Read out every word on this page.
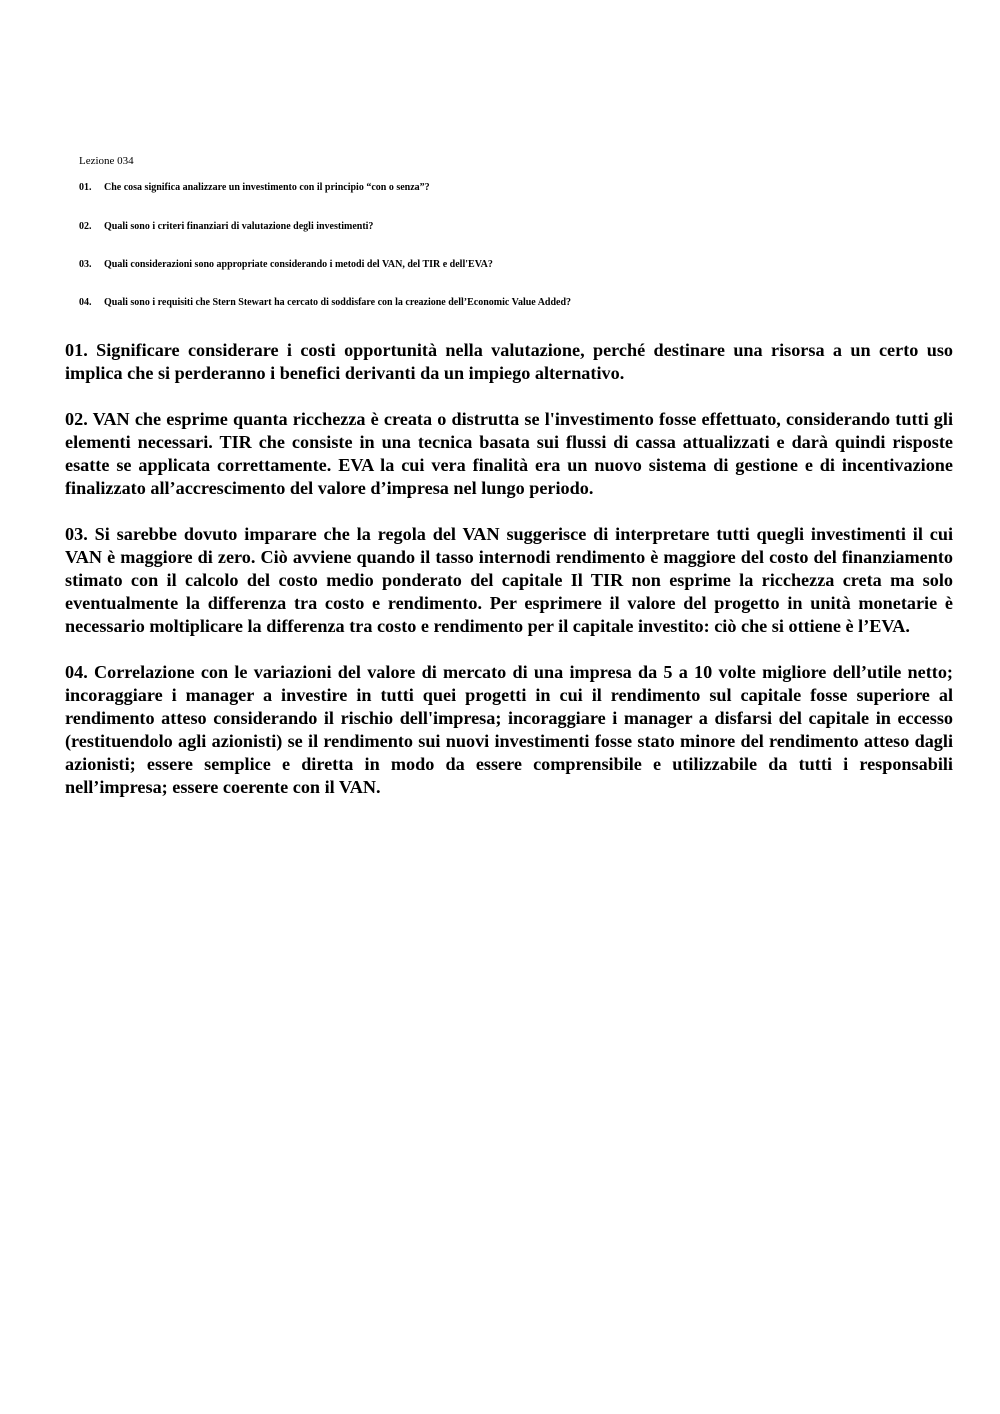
Lezione 034
01. Che cosa significa analizzare un investimento con il principio “con o senza”?
02. Quali sono i criteri finanziari di valutazione degli investimenti?
03. Quali considerazioni sono appropriate considerando i metodi del VAN, del TIR e dell'EVA?
04. Quali sono i requisiti che Stern Stewart ha cercato di soddisfare con la creazione dell’Economic Value Added?

01. Significare considerare i costi opportunità nella valutazione, perché destinare una risorsa a un certo uso implica che si perderanno i benefici derivanti da un impiego alternativo.

02. VAN che esprime quanta ricchezza è creata o distrutta se l'investimento fosse effettuato, considerando tutti gli elementi necessari. TIR che consiste in una tecnica basata sui flussi di cassa attualizzati e darà quindi risposte esatte se applicata correttamente. EVA la cui vera finalità era un nuovo sistema di gestione e di incentivazione finalizzato all’accrescimento del valore d’impresa nel lungo periodo.

03. Si sarebbe dovuto imparare che la regola del VAN suggerisce di interpretare tutti quegli investimenti il cui VAN è maggiore di zero. Ciò avviene quando il tasso internodi rendimento è maggiore del costo del finanziamento stimato con il calcolo del costo medio ponderato del capitale Il TIR non esprime la ricchezza creta ma solo eventualmente la differenza tra costo e rendimento. Per esprimere il valore del progetto in unità monetarie è necessario moltiplicare la differenza tra costo e rendimento per il capitale investito: ciò che si ottiene è l’EVA.

04. Correlazione con le variazioni del valore di mercato di una impresa da 5 a 10 volte migliore dell’utile netto; incoraggiare i manager a investire in tutti quei progetti in cui il rendimento sul capitale fosse superiore al rendimento atteso considerando il rischio dell'impresa; incoraggiare i manager a disfarsi del capitale in eccesso (restituendolo agli azionisti) se il rendimento sui nuovi investimenti fosse stato minore del rendimento atteso dagli azionisti; essere semplice e diretta in modo da essere comprensibile e utilizzabile da tutti i responsabili nell’impresa; essere coerente con il VAN.
